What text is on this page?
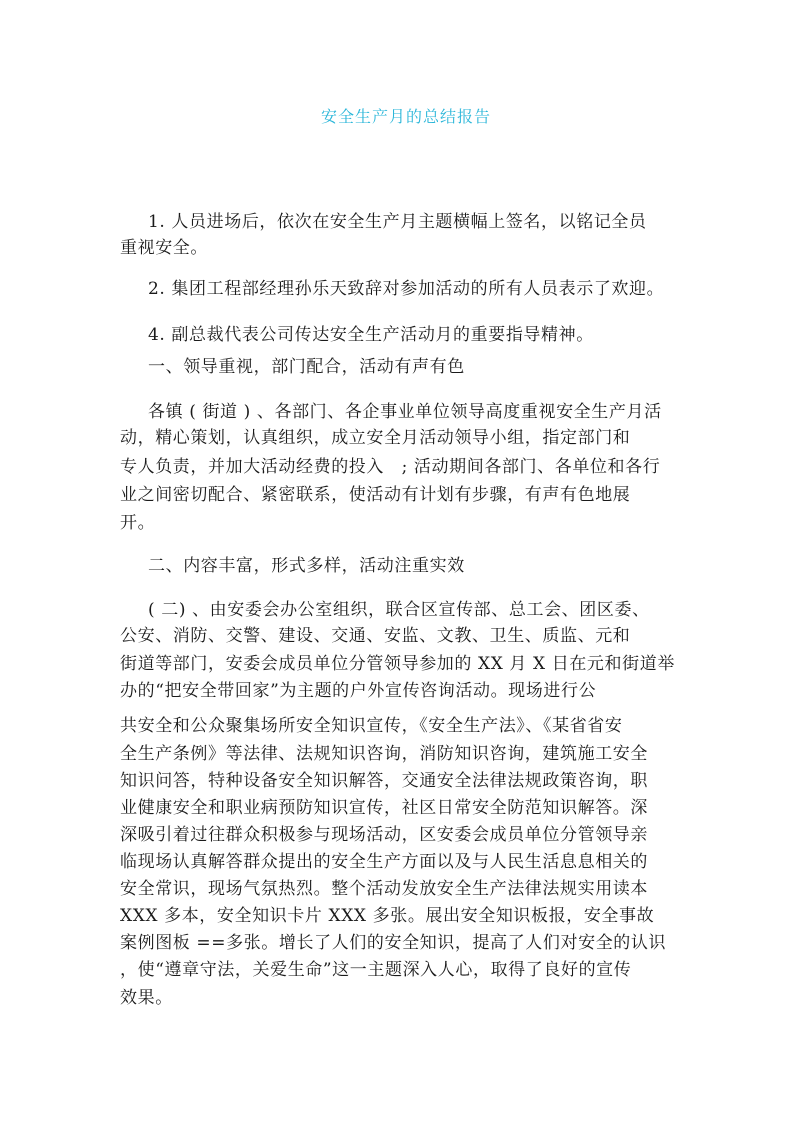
安全生产月的总结报告
1. 人员进场后，依次在安全生产月主题横幅上签名，以铭记全员
重视安全。
2. 集团工程部经理孙乐天致辞对参加活动的所有人员表示了欢迎。
4. 副总裁代表公司传达安全生产活动月的重要指导精神。
一、领导重视，部门配合，活动有声有色
各镇 ( 街道 ) 、各部门、各企事业单位领导高度重视安全生产月活
动，精心策划，认真组织，成立安全月活动领导小组，指定部门和
专人负责，并加大活动经费的投入　; 活动期间各部门、各单位和各行
业之间密切配合、紧密联系，使活动有计划有步骤，有声有色地展
开。
二、内容丰富，形式多样，活动注重实效
( 二) 、由安委会办公室组织，联合区宣传部、总工会、团区委、
公安、消防、交警、建设、交通、安监、文教、卫生、质监、元和
街道等部门，安委会成员单位分管领导参加的 XX 月 X 日在元和街道举
办的“把安全带回家”为主题的户外宣传咨询活动。现场进行公
共安全和公众聚集场所安全知识宣传，《安全生产法》、《某省省安
全生产条例》等法律、法规知识咨询，消防知识咨询，建筑施工安全
知识问答，特种设备安全知识解答，交通安全法律法规政策咨询，职
业健康安全和职业病预防知识宣传，社区日常安全防范知识解答。深
深吸引着过往群众积极参与现场活动，区安委会成员单位分管领导亲
临现场认真解答群众提出的安全生产方面以及与人民生活息息相关的
安全常识，现场气氛热烈。整个活动发放安全生产法律法规实用读本
XXX 多本，安全知识卡片 XXX 多张。展出安全知识板报，安全事故
案例图板 ==多张。增长了人们的安全知识，提高了人们对安全的认识
，使“遵章守法，关爱生命”这一主题深入人心，取得了良好的宣传
效果。
